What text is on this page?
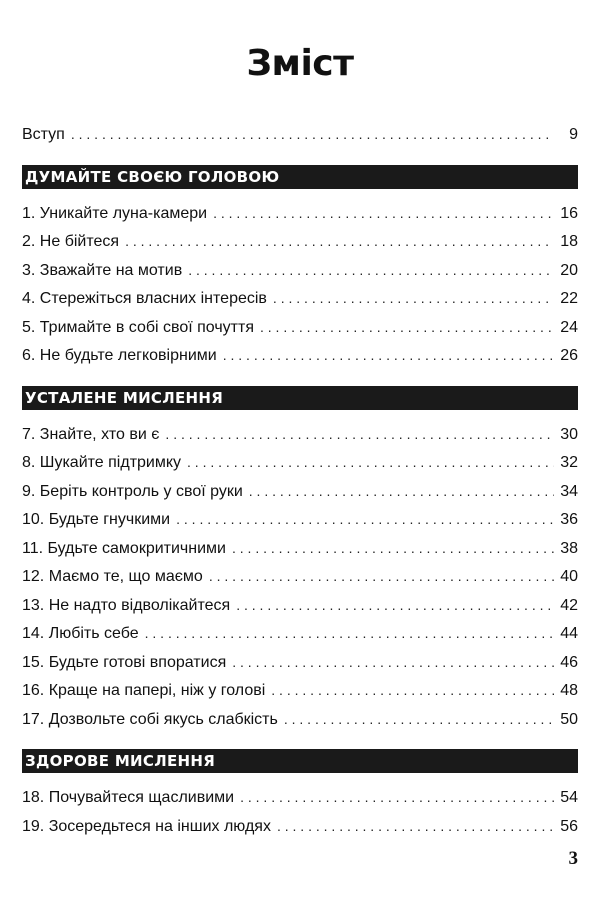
Зміст
Вступ . . .	9
ДУМАЙТЕ СВОЄЮ ГОЛОВОЮ
1. Уникайте луна-камери . . .	16
2. Не бійтеся . . .	18
3. Зважайте на мотив . . .	20
4. Стережіться власних інтересів . . .	22
5. Тримайте в собі свої почуття . . .	24
6. Не будьте легковірними . . .	26
УСТАЛЕНЕ МИСЛЕННЯ
7. Знайте, хто ви є . . .	30
8. Шукайте підтримку . . .	32
9. Беріть контроль у свої руки . . .	34
10. Будьте гнучкими . . .	36
11. Будьте самокритичними . . .	38
12. Маємо те, що маємо . . .	40
13. Не надто відволікайтеся . . .	42
14. Любіть себе . . .	44
15. Будьте готові впоратися . . .	46
16. Краще на папері, ніж у голові . . .	48
17. Дозвольте собі якусь слабкість . . .	50
ЗДОРОВЕ МИСЛЕННЯ
18. Почувайтеся щасливими . . .	54
19. Зосередьтеся на інших людях . . .	56
3
